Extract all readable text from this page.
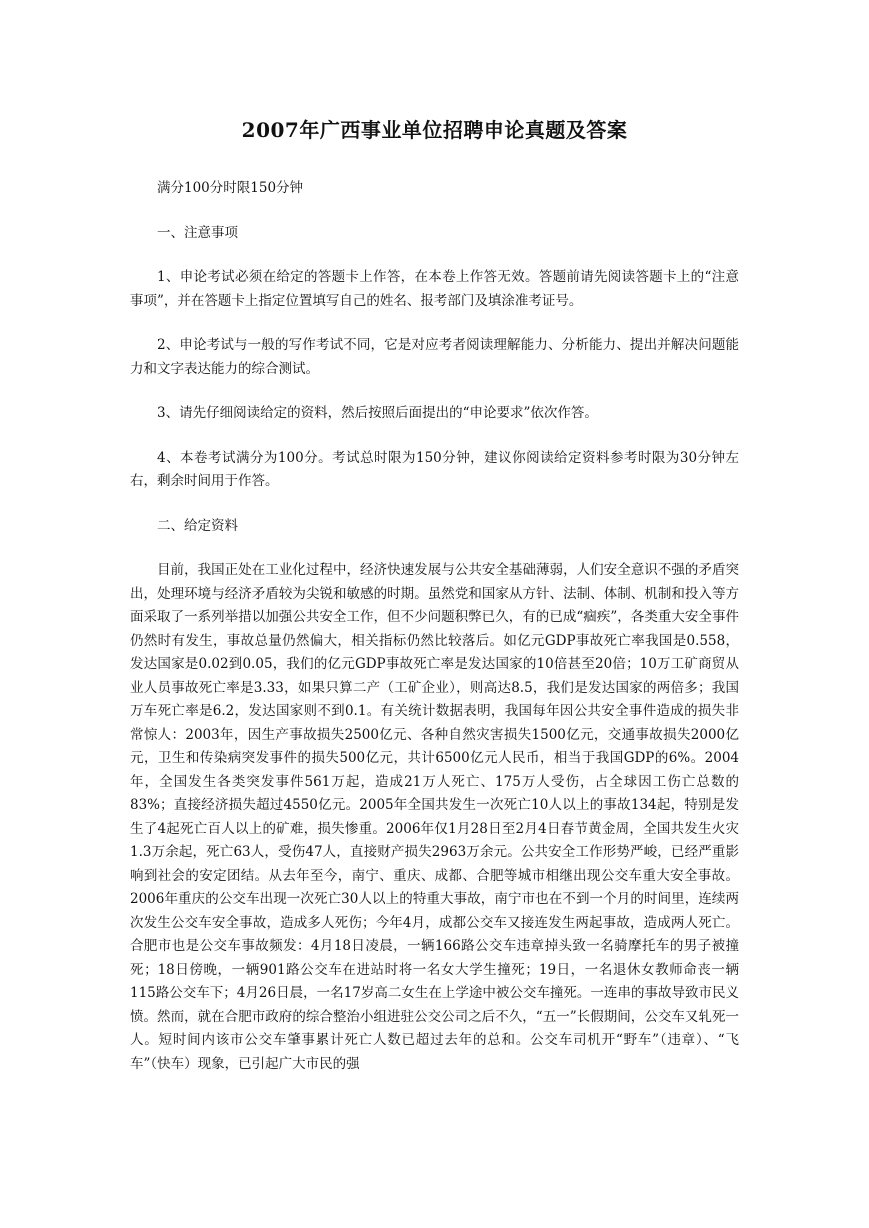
2007年广西事业单位招聘申论真题及答案

满分100分时限150分钟

一、注意事项

1、申论考试必须在给定的答题卡上作答，在本卷上作答无效。答题前请先阅读答题卡上的“注意事项”，并在答题卡上指定位置填写自己的姓名、报考部门及填涂准考证号。

2、申论考试与一般的写作考试不同，它是对应考者阅读理解能力、分析能力、提出并解决问题能力和文字表达能力的综合测试。

3、请先仔细阅读给定的资料，然后按照后面提出的“申论要求”依次作答。

4、本卷考试满分为100分。考试总时限为150分钟，建议你阅读给定资料参考时限为30分钟左右，剩余时间用于作答。

二、给定资料

目前，我国正处在工业化过程中，经济快速发展与公共安全基础薄弱，人们安全意识不强的矛盾突出，处理环境与经济矛盾较为尖锐和敏感的时期。虽然党和国家从方针、法制、体制、机制和投入等方面采取了一系列举措以加强公共安全工作，但不少问题积弊已久，有的已成“痼疾”，各类重大安全事件仍然时有发生，事故总量仍然偏大，相关指标仍然比较落后。如亿元GDP事故死亡率我国是0.558，发达国家是0.02到0.05，我们的亿元GDP事故死亡率是发达国家的10倍甚至20倍；10万工矿商贸从业人员事故死亡率是3.33，如果只算二产（工矿企业），则高达8.5，我们是发达国家的两倍多；我国万车死亡率是6.2，发达国家则不到0.1。有关统计数据表明，我国每年因公共安全事件造成的损失非常惊人：2003年，因生产事故损失2500亿元、各种自然灾害损失1500亿元，交通事故损失2000亿元，卫生和传染病突发事件的损失500亿元，共计6500亿元人民币，相当于我国GDP的6%。2004年，全国发生各类突发事件561万起，造成21万人死亡、175万人受伤，占全球因工伤亡总数的83%；直接经济损失超过4550亿元。2005年全国共发生一次死亡10人以上的事故134起，特别是发生了4起死亡百人以上的矿难，损失惨重。2006年仅1月28日至2月4日春节黄金周，全国共发生火灾1.3万余起，死亡63人，受伤47人，直接财产损失2963万余元。公共安全工作形势严峻，已经严重影响到社会的安定团结。从去年至今，南宁、重庆、成都、合肥等城市相继出现公交车重大安全事故。2006年重庆的公交车出现一次死亡30人以上的特重大事故，南宁市也在不到一个月的时间里，连续两次发生公交车安全事故，造成多人死伤；今年4月，成都公交车又接连发生两起事故，造成两人死亡。合肥市也是公交车事故频发：4月18日凌晨，一辆166路公交车违章掉头致一名骑摩托车的男子被撞死；18日傍晚，一辆901路公交车在进站时将一名女大学生撞死；19日，一名退休女教师命丧一辆115路公交车下；4月26日晨，一名17岁高二女生在上学途中被公交车撞死。一连串的事故导致市民义愤。然而，就在合肥市政府的综合整治小组进驻公交公司之后不久，“五一”长假期间，公交车又轧死一人。短时间内该市公交车肇事累计死亡人数已超过去年的总和。公交车司机开“野车”（违章）、“飞车”（快车）现象，已引起广大市民的强
